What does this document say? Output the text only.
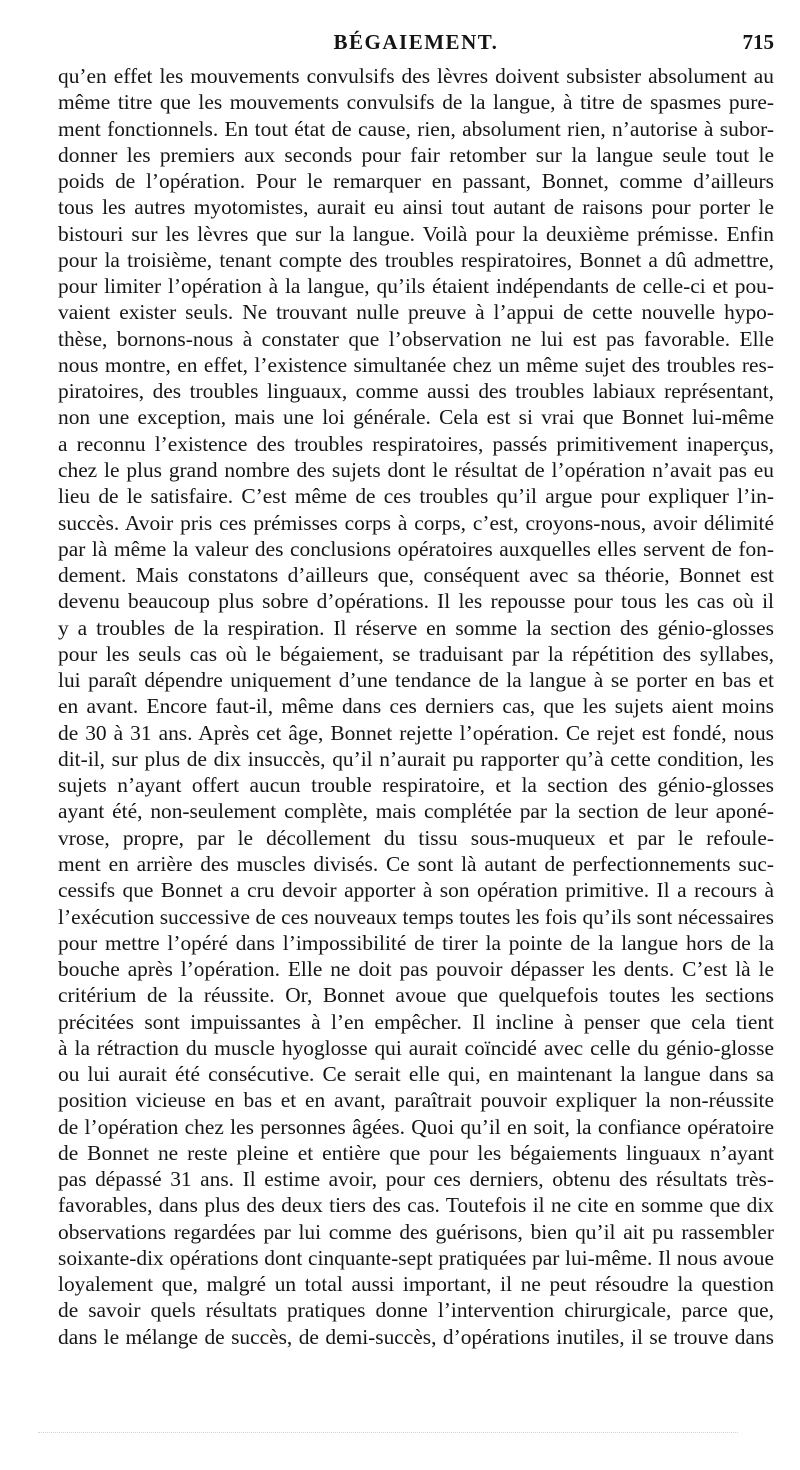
BÉGAIEMENT.	715
qu’en effet les mouvements convulsifs des lèvres doivent subsister absolument au
même titre que les mouvements convulsifs de la langue, à titre de spasmes pure-
ment fonctionnels. En tout état de cause, rien, absolument rien, n’autorise à subor-
donner les premiers aux seconds pour fair retomber sur la langue seule tout le
poids de l’opération. Pour le remarquer en passant, Bonnet, comme d’ailleurs
tous les autres myotomistes, aurait eu ainsi tout autant de raisons pour porter le
bistouri sur les lèvres que sur la langue. Voilà pour la deuxième prémisse. Enfin
pour la troisième, tenant compte des troubles respiratoires, Bonnet a dû admettre,
pour limiter l’opération à la langue, qu’ils étaient indépendants de celle-ci et pou-
vaient exister seuls. Ne trouvant nulle preuve à l’appui de cette nouvelle hypo-
thèse, bornons-nous à constater que l’observation ne lui est pas favorable. Elle
nous montre, en effet, l’existence simultanée chez un même sujet des troubles res-
piratoires, des troubles linguaux, comme aussi des troubles labiaux représentant,
non une exception, mais une loi générale. Cela est si vrai que Bonnet lui-même
a reconnu l’existence des troubles respiratoires, passés primitivement inaperçus,
chez le plus grand nombre des sujets dont le résultat de l’opération n’avait pas eu
lieu de le satisfaire. C’est même de ces troubles qu’il argue pour expliquer l’in-
succès. Avoir pris ces prémisses corps à corps, c’est, croyons-nous, avoir délimité
par là même la valeur des conclusions opératoires auxquelles elles servent de fon-
dement. Mais constatons d’ailleurs que, conséquent avec sa théorie, Bonnet est
devenu beaucoup plus sobre d’opérations. Il les repousse pour tous les cas où il
y a troubles de la respiration. Il réserve en somme la section des génio-glosses
pour les seuls cas où le bégaiement, se traduisant par la répétition des syllabes,
lui paraît dépendre uniquement d’une tendance de la langue à se porter en bas et
en avant. Encore faut-il, même dans ces derniers cas, que les sujets aient moins
de 30 à 31 ans. Après cet âge, Bonnet rejette l’opération. Ce rejet est fondé, nous
dit-il, sur plus de dix insuccès, qu’il n’aurait pu rapporter qu’à cette condition, les
sujets n’ayant offert aucun trouble respiratoire, et la section des génio-glosses
ayant été, non-seulement complète, mais complétée par la section de leur aponé-
vrose, propre, par le décollement du tissu sous-muqueux et par le refoule-
ment en arrière des muscles divisés. Ce sont là autant de perfectionnements suc-
cessifs que Bonnet a cru devoir apporter à son opération primitive. Il a recours à
l’exécution successive de ces nouveaux temps toutes les fois qu’ils sont nécessaires
pour mettre l’opéré dans l’impossibilité de tirer la pointe de la langue hors de la
bouche après l’opération. Elle ne doit pas pouvoir dépasser les dents. C’est là le
critérium de la réussite. Or, Bonnet avoue que quelquefois toutes les sections
précitées sont impuissantes à l’en empêcher. Il incline à penser que cela tient
à la rétraction du muscle hyoglosse qui aurait coïncidé avec celle du génio-glosse
ou lui aurait été consécutive. Ce serait elle qui, en maintenant la langue dans sa
position vicieuse en bas et en avant, paraîtrait pouvoir expliquer la non-réussite
de l’opération chez les personnes âgées. Quoi qu’il en soit, la confiance opératoire
de Bonnet ne reste pleine et entière que pour les bégaiements linguaux n’ayant
pas dépassé 31 ans. Il estime avoir, pour ces derniers, obtenu des résultats très-
favorables, dans plus des deux tiers des cas. Toutefois il ne cite en somme que dix
observations regardées par lui comme des guérisons, bien qu’il ait pu rassembler
soixante-dix opérations dont cinquante-sept pratiquées par lui-même. Il nous avoue
loyalement que, malgré un total aussi important, il ne peut résoudre la question
de savoir quels résultats pratiques donne l’intervention chirurgicale, parce que,
dans le mélange de succès, de demi-succès, d’opérations inutiles, il se trouve dans
